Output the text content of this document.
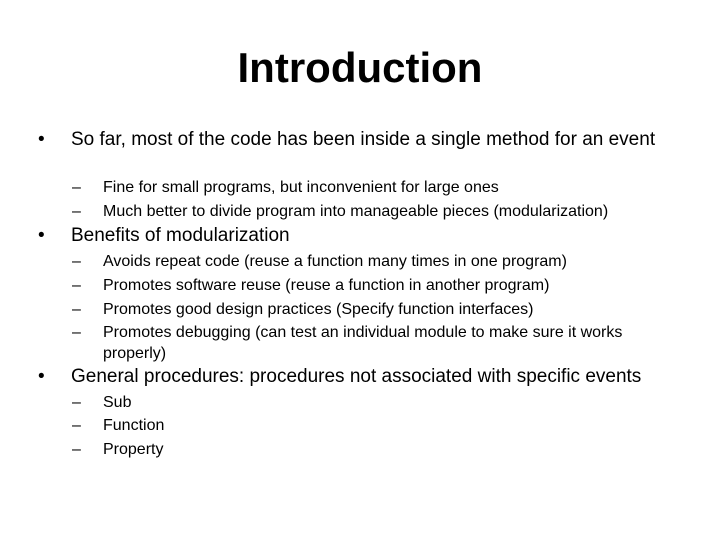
Introduction
•	So far, most of the code has been inside a single method for an event
– Fine for small programs, but inconvenient for large ones
– Much better to divide program into manageable pieces (modularization)
•	Benefits of modularization
– Avoids repeat code (reuse a function many times in one program)
– Promotes software reuse (reuse a function in another program)
– Promotes good design practices (Specify function interfaces)
– Promotes debugging (can test an individual module to make sure it works properly)
•	General procedures: procedures not associated with specific events
– Sub
– Function
– Property
